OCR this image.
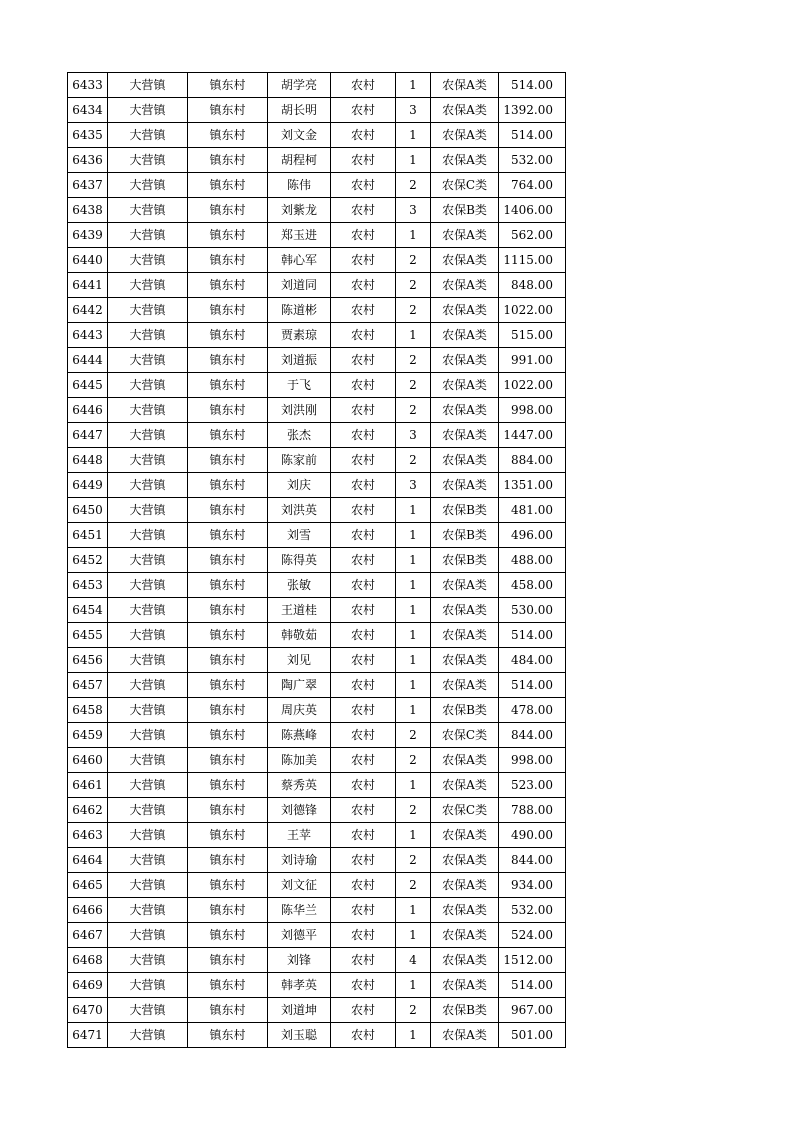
6433	大营镇	镇东村	胡学亮	农村	1	农保A类	514.00
6434	大营镇	镇东村	胡长明	农村	3	农保A类	1392.00
6435	大营镇	镇东村	刘文金	农村	1	农保A类	514.00
6436	大营镇	镇东村	胡程柯	农村	1	农保A类	532.00
6437	大营镇	镇东村	陈伟	农村	2	农保C类	764.00
6438	大营镇	镇东村	刘紫龙	农村	3	农保B类	1406.00
6439	大营镇	镇东村	郑玉进	农村	1	农保A类	562.00
6440	大营镇	镇东村	韩心军	农村	2	农保A类	1115.00
6441	大营镇	镇东村	刘道同	农村	2	农保A类	848.00
6442	大营镇	镇东村	陈道彬	农村	2	农保A类	1022.00
6443	大营镇	镇东村	贾素琼	农村	1	农保A类	515.00
6444	大营镇	镇东村	刘道振	农村	2	农保A类	991.00
6445	大营镇	镇东村	于飞	农村	2	农保A类	1022.00
6446	大营镇	镇东村	刘洪刚	农村	2	农保A类	998.00
6447	大营镇	镇东村	张杰	农村	3	农保A类	1447.00
6448	大营镇	镇东村	陈家前	农村	2	农保A类	884.00
6449	大营镇	镇东村	刘庆	农村	3	农保A类	1351.00
6450	大营镇	镇东村	刘洪英	农村	1	农保B类	481.00
6451	大营镇	镇东村	刘雪	农村	1	农保B类	496.00
6452	大营镇	镇东村	陈得英	农村	1	农保B类	488.00
6453	大营镇	镇东村	张敏	农村	1	农保A类	458.00
6454	大营镇	镇东村	王道桂	农村	1	农保A类	530.00
6455	大营镇	镇东村	韩敬茹	农村	1	农保A类	514.00
6456	大营镇	镇东村	刘见	农村	1	农保A类	484.00
6457	大营镇	镇东村	陶广翠	农村	1	农保A类	514.00
6458	大营镇	镇东村	周庆英	农村	1	农保B类	478.00
6459	大营镇	镇东村	陈燕峰	农村	2	农保C类	844.00
6460	大营镇	镇东村	陈加美	农村	2	农保A类	998.00
6461	大营镇	镇东村	蔡秀英	农村	1	农保A类	523.00
6462	大营镇	镇东村	刘德锋	农村	2	农保C类	788.00
6463	大营镇	镇东村	王苹	农村	1	农保A类	490.00
6464	大营镇	镇东村	刘诗瑜	农村	2	农保A类	844.00
6465	大营镇	镇东村	刘文征	农村	2	农保A类	934.00
6466	大营镇	镇东村	陈华兰	农村	1	农保A类	532.00
6467	大营镇	镇东村	刘德平	农村	1	农保A类	524.00
6468	大营镇	镇东村	刘锋	农村	4	农保A类	1512.00
6469	大营镇	镇东村	韩孝英	农村	1	农保A类	514.00
6470	大营镇	镇东村	刘道坤	农村	2	农保B类	967.00
6471	大营镇	镇东村	刘玉聪	农村	1	农保A类	501.00
